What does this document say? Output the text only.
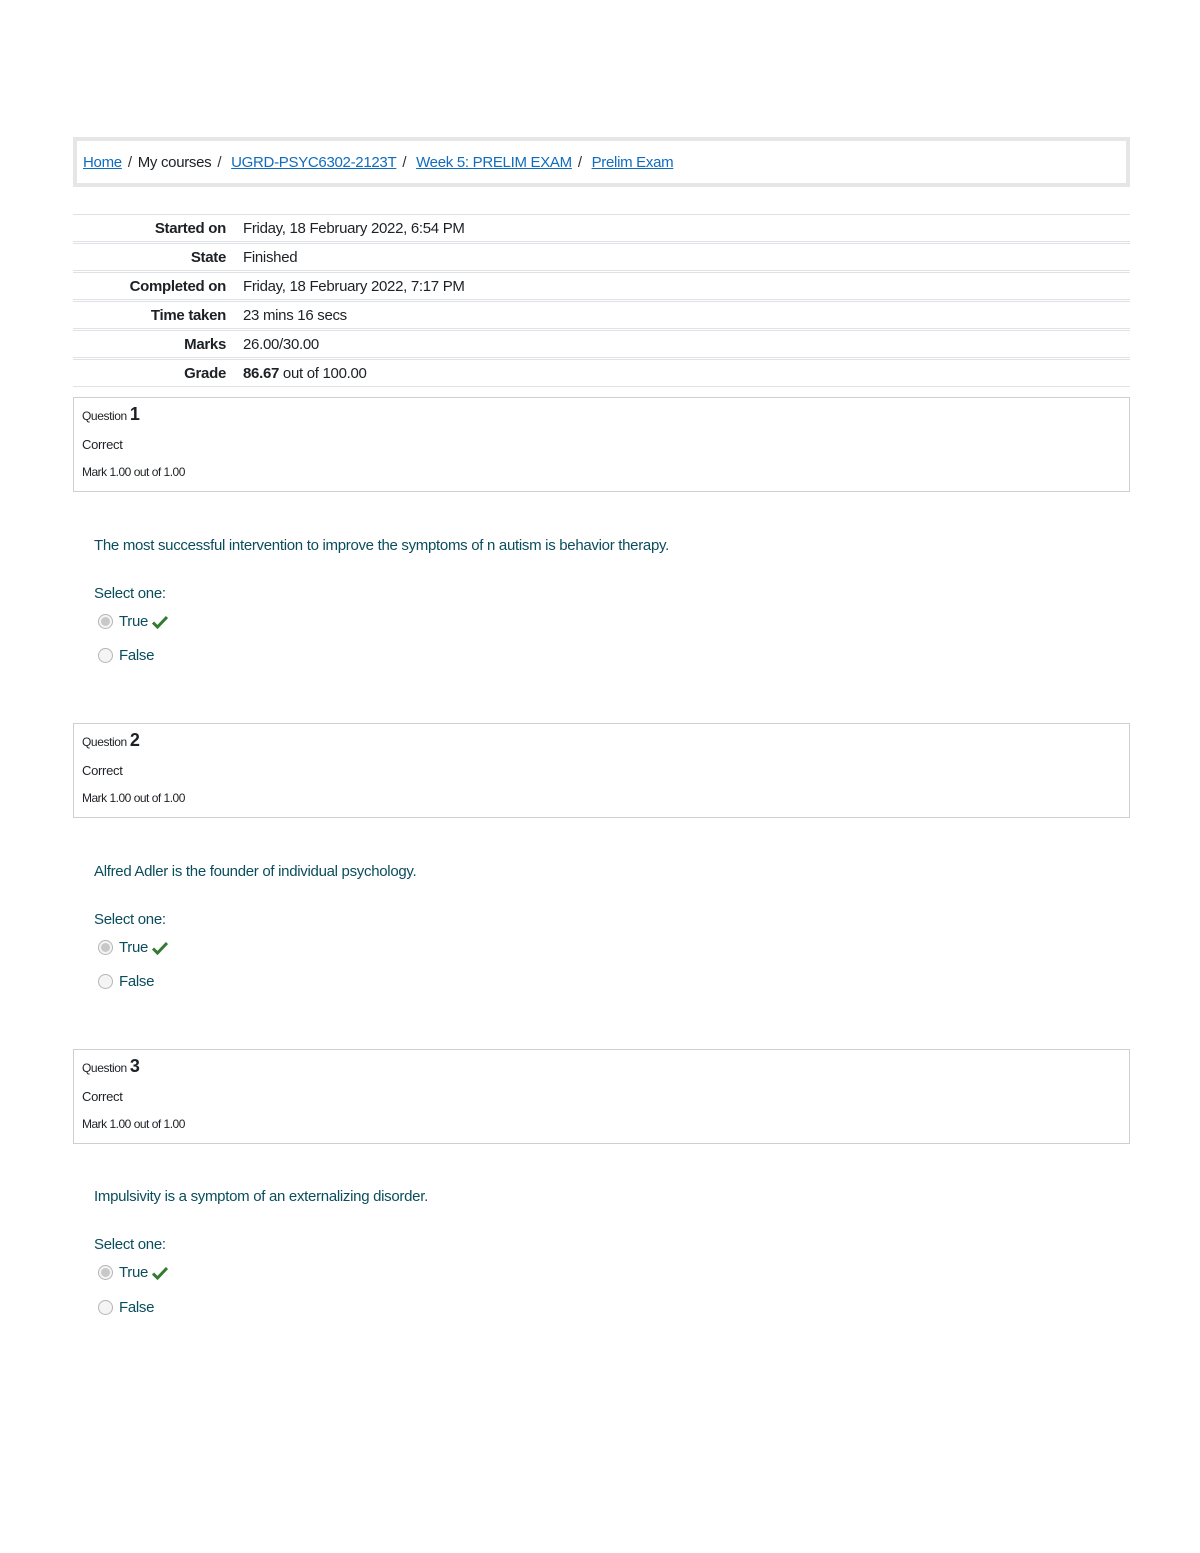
Home / My courses / UGRD-PSYC6302-2123T / Week 5: PRELIM EXAM / Prelim Exam
Started on Friday, 18 February 2022, 6:54 PM
State Finished
Completed on Friday, 18 February 2022, 7:17 PM
Time taken 23 mins 16 secs
Marks 26.00/30.00
Grade 86.67 out of 100.00
Question 1
Correct
Mark 1.00 out of 1.00
The most successful intervention to improve the symptoms of n autism is behavior therapy.
Select one:
True
False
Question 2
Correct
Mark 1.00 out of 1.00
Alfred Adler is the founder of individual psychology.
Select one:
True
False
Question 3
Correct
Mark 1.00 out of 1.00
Impulsivity is a symptom of an externalizing disorder.
Select one:
True
False
